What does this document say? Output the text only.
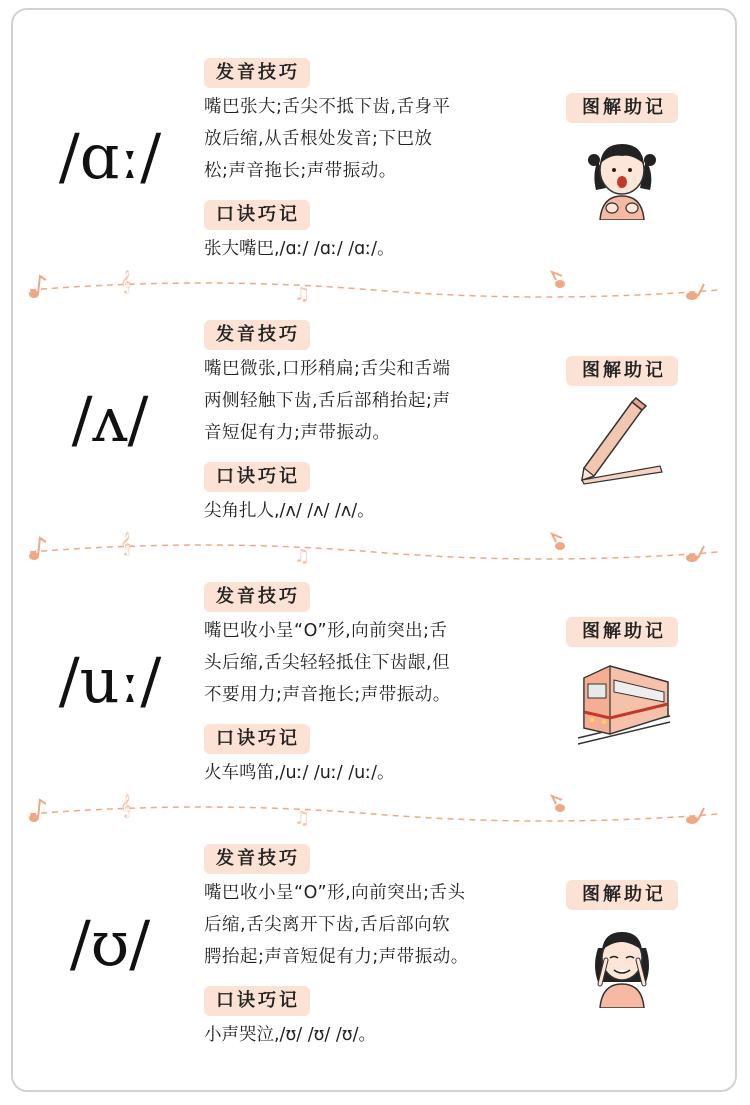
/ɑː/
发音技巧
嘴巴张大;舌尖不抵下齿,舌身平
放后缩,从舌根处发音;下巴放
松;声音拖长;声带振动。
口诀巧记
张大嘴巴,/ɑː/ /ɑː/ /ɑː/。
图解助记
𝄞
♫
/ʌ/
发音技巧
嘴巴微张,口形稍扁;舌尖和舌端
两侧轻触下齿,舌后部稍抬起;声
音短促有力;声带振动。
口诀巧记
尖角扎人,/ʌ/ /ʌ/ /ʌ/。
图解助记
𝄞
♫
/uː/
发音技巧
嘴巴收小呈“O”形,向前突出;舌
头后缩,舌尖轻轻抵住下齿龈,但
不要用力;声音拖长;声带振动。
口诀巧记
火车鸣笛,/uː/ /uː/ /uː/。
图解助记
𝄞
♫
/ʊ/
发音技巧
嘴巴收小呈“O”形,向前突出;舌头
后缩,舌尖离开下齿,舌后部向软
腭抬起;声音短促有力;声带振动。
口诀巧记
小声哭泣,/ʊ/ /ʊ/ /ʊ/。
图解助记
